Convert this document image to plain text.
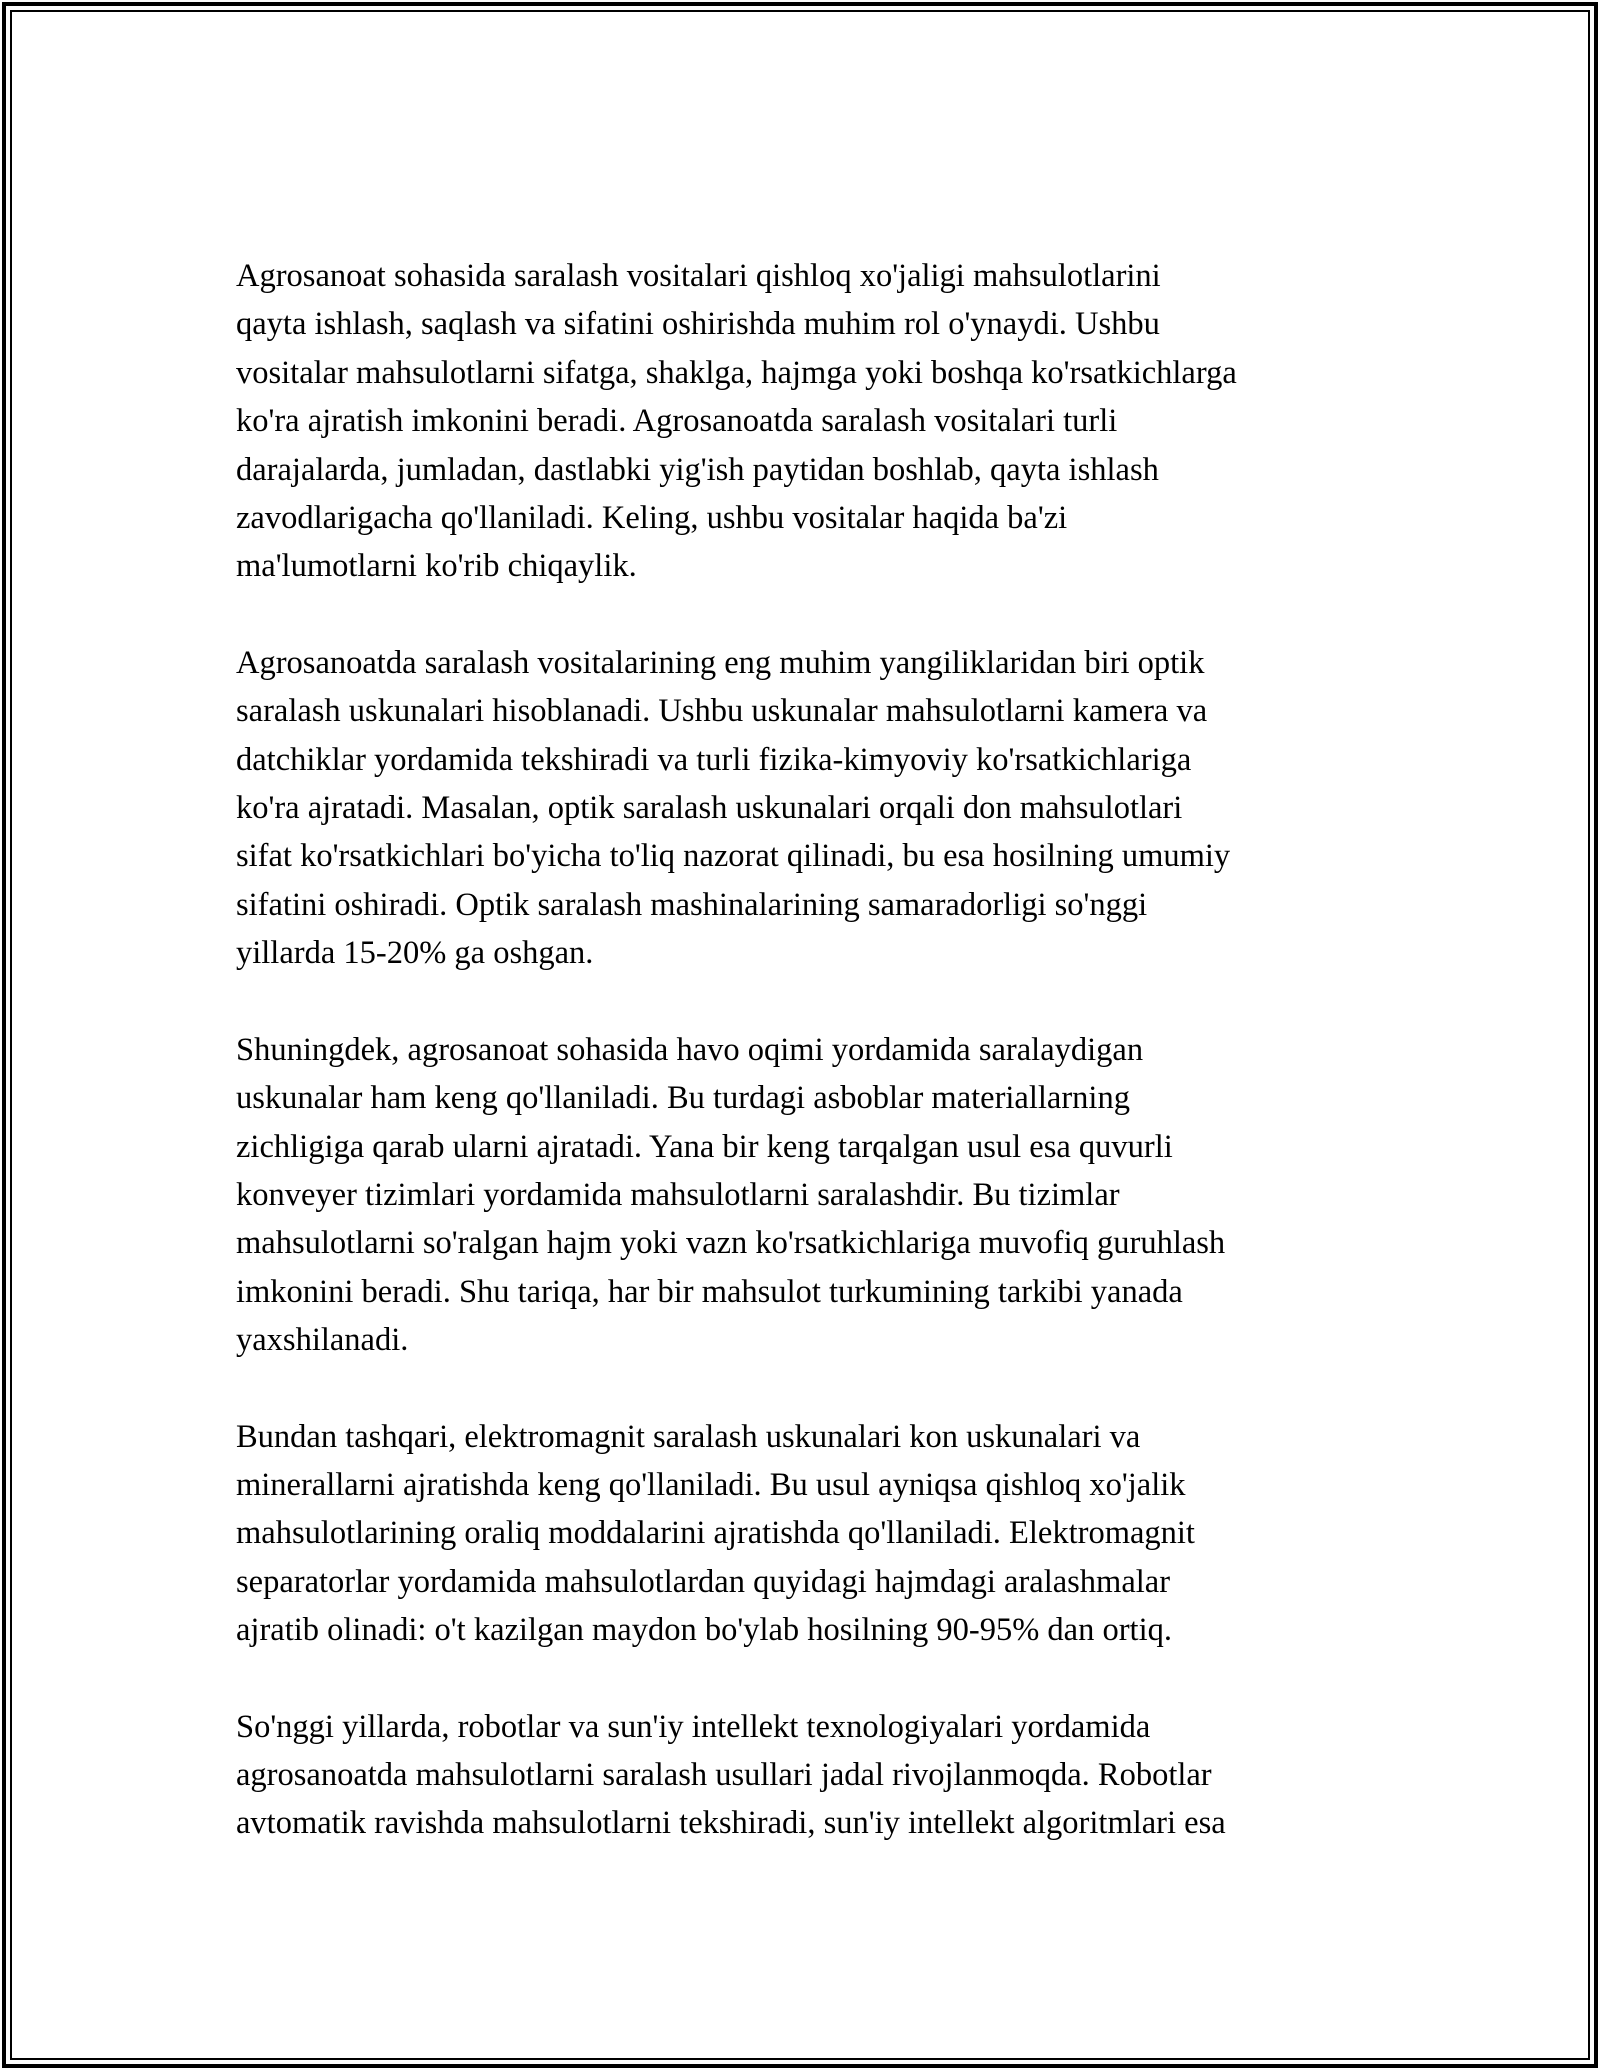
Agrosanoat sohasida saralash vositalari qishloq xo'jaligi mahsulotlarini
qayta ishlash, saqlash va sifatini oshirishda muhim rol o'ynaydi. Ushbu
vositalar mahsulotlarni sifatga, shaklga, hajmga yoki boshqa ko'rsatkichlarga
ko'ra ajratish imkonini beradi. Agrosanoatda saralash vositalari turli
darajalarda, jumladan, dastlabki yig'ish paytidan boshlab, qayta ishlash
zavodlarigacha qo'llaniladi. Keling, ushbu vositalar haqida ba'zi
ma'lumotlarni ko'rib chiqaylik.

Agrosanoatda saralash vositalarining eng muhim yangiliklaridan biri optik
saralash uskunalari hisoblanadi. Ushbu uskunalar mahsulotlarni kamera va
datchiklar yordamida tekshiradi va turli fizika-kimyoviy ko'rsatkichlariga
ko'ra ajratadi. Masalan, optik saralash uskunalari orqali don mahsulotlari
sifat ko'rsatkichlari bo'yicha to'liq nazorat qilinadi, bu esa hosilning umumiy
sifatini oshiradi. Optik saralash mashinalarining samaradorligi so'nggi
yillarda 15-20% ga oshgan.

Shuningdek, agrosanoat sohasida havo oqimi yordamida saralaydigan
uskunalar ham keng qo'llaniladi. Bu turdagi asboblar materiallarning
zichligiga qarab ularni ajratadi. Yana bir keng tarqalgan usul esa quvurli
konveyer tizimlari yordamida mahsulotlarni saralashdir. Bu tizimlar
mahsulotlarni so'ralgan hajm yoki vazn ko'rsatkichlariga muvofiq guruhlash
imkonini beradi. Shu tariqa, har bir mahsulot turkumining tarkibi yanada
yaxshilanadi.

Bundan tashqari, elektromagnit saralash uskunalari kon uskunalari va
minerallarni ajratishda keng qo'llaniladi. Bu usul ayniqsa qishloq xo'jalik
mahsulotlarining oraliq moddalarini ajratishda qo'llaniladi. Elektromagnit
separatorlar yordamida mahsulotlardan quyidagi hajmdagi aralashmalar
ajratib olinadi: o't kazilgan maydon bo'ylab hosilning 90-95% dan ortiq.

So'nggi yillarda, robotlar va sun'iy intellekt texnologiyalari yordamida
agrosanoatda mahsulotlarni saralash usullari jadal rivojlanmoqda. Robotlar
avtomatik ravishda mahsulotlarni tekshiradi, sun'iy intellekt algoritmlari esa
